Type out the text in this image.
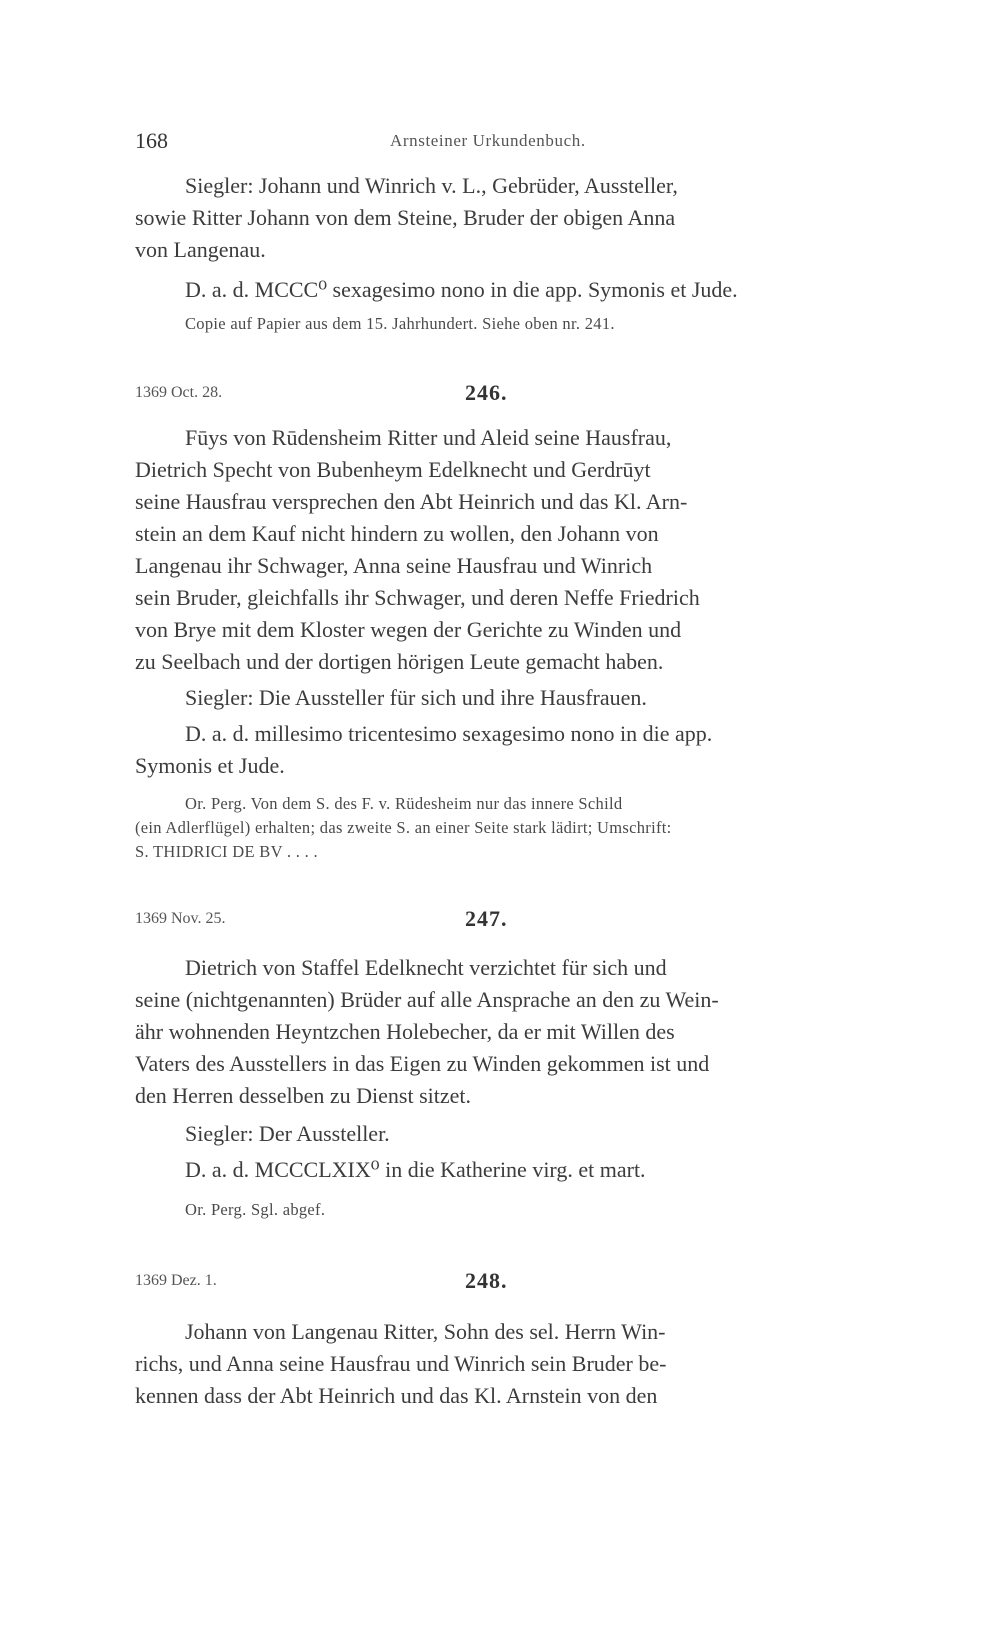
168	Arnsteiner Urkundenbuch.
Siegler: Johann und Winrich v. L., Gebrüder, Aussteller,
sowie Ritter Johann von dem Steine, Bruder der obigen Anna
von Langenau.
D. a. d. MCCC⁰ sexagesimo nono in die app. Symonis et Jude.
Copie auf Papier aus dem 15. Jahrhundert. Siehe oben nr. 241.
1369 Oct. 28.	246.
Fūys von Rūdensheim Ritter und Aleid seine Hausfrau,
Dietrich Specht von Bubenheym Edelknecht und Gerdrūyt
seine Hausfrau versprechen den Abt Heinrich und das Kl. Arn-
stein an dem Kauf nicht hindern zu wollen, den Johann von
Langenau ihr Schwager, Anna seine Hausfrau und Winrich
sein Bruder, gleichfalls ihr Schwager, und deren Neffe Friedrich
von Brye mit dem Kloster wegen der Gerichte zu Winden und
zu Seelbach und der dortigen hörigen Leute gemacht haben.
Siegler: Die Aussteller für sich und ihre Hausfrauen.
D. a. d. millesimo tricentesimo sexagesimo nono in die app.
Symonis et Jude.
Or. Perg. Von dem S. des F. v. Rüdesheim nur das innere Schild
(ein Adlerflügel) erhalten; das zweite S. an einer Seite stark lädirt; Umschrift:
S. THIDRICI DE BV . . . .
1369 Nov. 25.	247.
Dietrich von Staffel Edelknecht verzichtet für sich und
seine (nichtgenannten) Brüder auf alle Ansprache an den zu Wein-
ähr wohnenden Heyntzchen Holebecher, da er mit Willen des
Vaters des Ausstellers in das Eigen zu Winden gekommen ist und
den Herren desselben zu Dienst sitzet.
Siegler: Der Aussteller.
D. a. d. MCCCLXIX⁰ in die Katherine virg. et mart.
Or. Perg. Sgl. abgef.
1369 Dez. 1.	248.
Johann von Langenau Ritter, Sohn des sel. Herrn Win-
richs, und Anna seine Hausfrau und Winrich sein Bruder be-
kennen dass der Abt Heinrich und das Kl. Arnstein von den
